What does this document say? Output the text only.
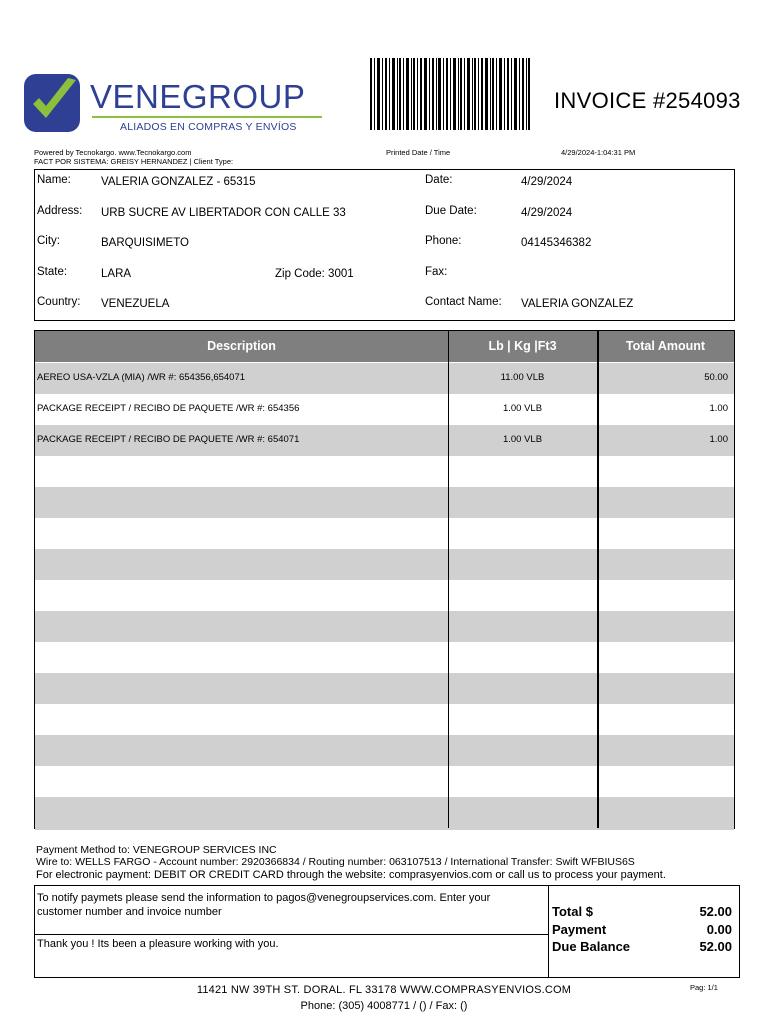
VENEGROUP
ALIADOS EN COMPRAS Y ENVÍOS
INVOICE #254093
Powered by Tecnokargo. www.Tecnokargo.com
FACT POR SISTEMA: GREISY HERNANDEZ | Client Type:
Printed Date / Time	4/29/2024-1:04:31 PM
Name:	VALERIA GONZALEZ - 65315	Date:	4/29/2024
Address: URB SUCRE AV LIBERTADOR CON CALLE 33	Due Date:	4/29/2024
City:	BARQUISIMETO	Phone:	04145346382
State:	LARA	Zip Code: 3001	Fax:
Country: VENEZUELA	Contact Name: VALERIA GONZALEZ
Description	Lb | Kg |Ft3	Total Amount
AEREO USA-VZLA (MIA) /WR #: 654356,654071	11.00 VLB	50.00
PACKAGE RECEIPT / RECIBO DE PAQUETE /WR #: 654356	1.00 VLB	1.00
PACKAGE RECEIPT / RECIBO DE PAQUETE /WR #: 654071	1.00 VLB	1.00
Payment Method to: VENEGROUP SERVICES INC
Wire to: WELLS FARGO - Account number: 2920366834 / Routing number: 063107513 / International Transfer: Swift WFBIUS6S
For electronic payment: DEBIT OR CREDIT CARD through the website: comprasyenvios.com or call us to process your payment.
To notify paymets please send the information to pagos@venegroupservices.com. Enter your customer number and invoice number
Thank you ! Its been a pleasure working with you.
Total $	52.00
Payment	0.00
Due Balance	52.00
11421 NW 39TH ST. DORAL. FL 33178 WWW.COMPRASYENVIOS.COM
Phone: (305) 4008771 / () / Fax: ()
Pag: 1/1
